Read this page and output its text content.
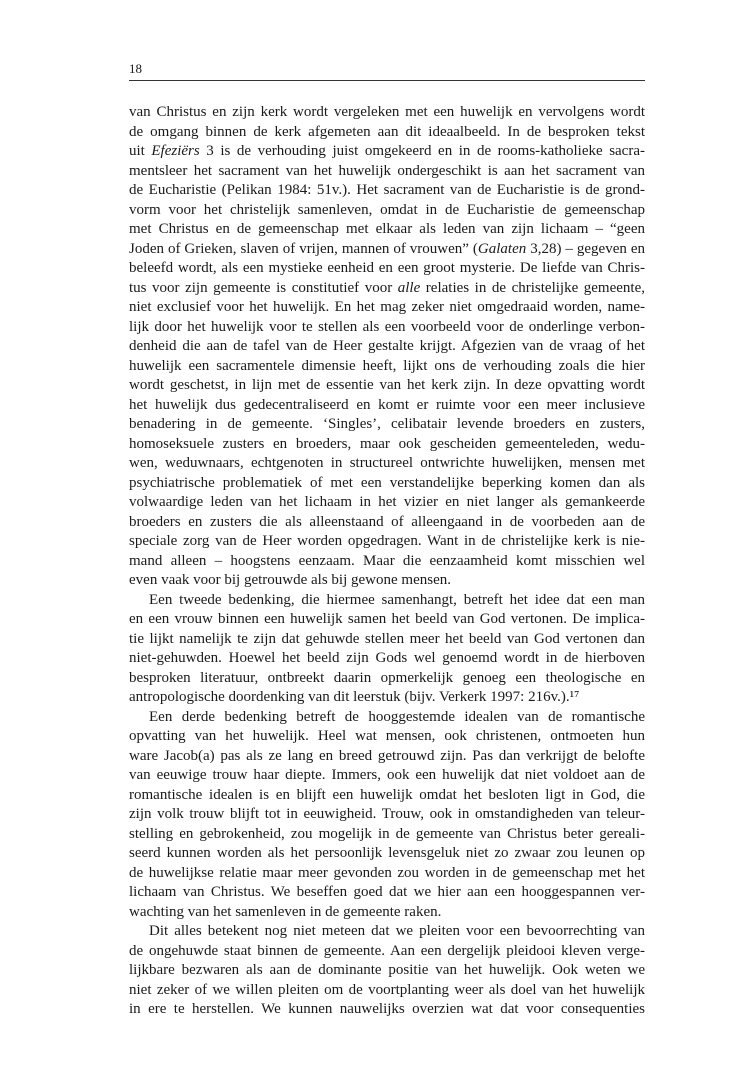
18
van Christus en zijn kerk wordt vergeleken met een huwelijk en vervolgens wordt
de omgang binnen de kerk afgemeten aan dit ideaalbeeld. In de besproken tekst
uit Efeziërs 3 is de verhouding juist omgekeerd en in de rooms-katholieke sacra-
mentsleer het sacrament van het huwelijk ondergeschikt is aan het sacrament van
de Eucharistie (Pelikan 1984: 51v.). Het sacrament van de Eucharistie is de grond-
vorm voor het christelijk samenleven, omdat in de Eucharistie de gemeenschap
met Christus en de gemeenschap met elkaar als leden van zijn lichaam – “geen
Joden of Grieken, slaven of vrijen, mannen of vrouwen” (Galaten 3,28) – gegeven en
beleefd wordt, als een mystieke eenheid en een groot mysterie. De liefde van Chris-
tus voor zijn gemeente is constitutief voor alle relaties in de christelijke gemeente,
niet exclusief voor het huwelijk. En het mag zeker niet omgedraaid worden, name-
lijk door het huwelijk voor te stellen als een voorbeeld voor de onderlinge verbon-
denheid die aan de tafel van de Heer gestalte krijgt. Afgezien van de vraag of het
huwelijk een sacramentele dimensie heeft, lijkt ons de verhouding zoals die hier
wordt geschetst, in lijn met de essentie van het kerk zijn. In deze opvatting wordt
het huwelijk dus gedecentraliseerd en komt er ruimte voor een meer inclusieve
benadering in de gemeente. ‘Singles’, celibatair levende broeders en zusters,
homoseksuele zusters en broeders, maar ook gescheiden gemeenteleden, wedu-
wen, weduwnaars, echtgenoten in structureel ontwrichte huwelijken, mensen met
psychiatrische problematiek of met een verstandelijke beperking komen dan als
volwaardige leden van het lichaam in het vizier en niet langer als gemankeerde
broeders en zusters die als alleenstaand of alleengaand in de voorbeden aan de
speciale zorg van de Heer worden opgedragen. Want in de christelijke kerk is nie-
mand alleen – hoogstens eenzaam. Maar die eenzaamheid komt misschien wel
even vaak voor bij getrouwde als bij gewone mensen.
Een tweede bedenking, die hiermee samenhangt, betreft het idee dat een man
en een vrouw binnen een huwelijk samen het beeld van God vertonen. De implica-
tie lijkt namelijk te zijn dat gehuwde stellen meer het beeld van God vertonen dan
niet-gehuwden. Hoewel het beeld zijn Gods wel genoemd wordt in de hierboven
besproken literatuur, ontbreekt daarin opmerkelijk genoeg een theologische en
antropologische doordenking van dit leerstuk (bijv. Verkerk 1997: 216v.).¹⁷
Een derde bedenking betreft de hooggestemde idealen van de romantische
opvatting van het huwelijk. Heel wat mensen, ook christenen, ontmoeten hun
ware Jacob(a) pas als ze lang en breed getrouwd zijn. Pas dan verkrijgt de belofte
van eeuwige trouw haar diepte. Immers, ook een huwelijk dat niet voldoet aan de
romantische idealen is en blijft een huwelijk omdat het besloten ligt in God, die
zijn volk trouw blijft tot in eeuwigheid. Trouw, ook in omstandigheden van teleur-
stelling en gebrokenheid, zou mogelijk in de gemeente van Christus beter gereali-
seerd kunnen worden als het persoonlijk levensgeluk niet zo zwaar zou leunen op
de huwelijkse relatie maar meer gevonden zou worden in de gemeenschap met het
lichaam van Christus. We beseffen goed dat we hier aan een hooggespannen ver-
wachting van het samenleven in de gemeente raken.
Dit alles betekent nog niet meteen dat we pleiten voor een bevoorrechting van
de ongehuwde staat binnen de gemeente. Aan een dergelijk pleidooi kleven verge-
lijkbare bezwaren als aan de dominante positie van het huwelijk. Ook weten we
niet zeker of we willen pleiten om de voortplanting weer als doel van het huwelijk
in ere te herstellen. We kunnen nauwelijks overzien wat dat voor consequenties
